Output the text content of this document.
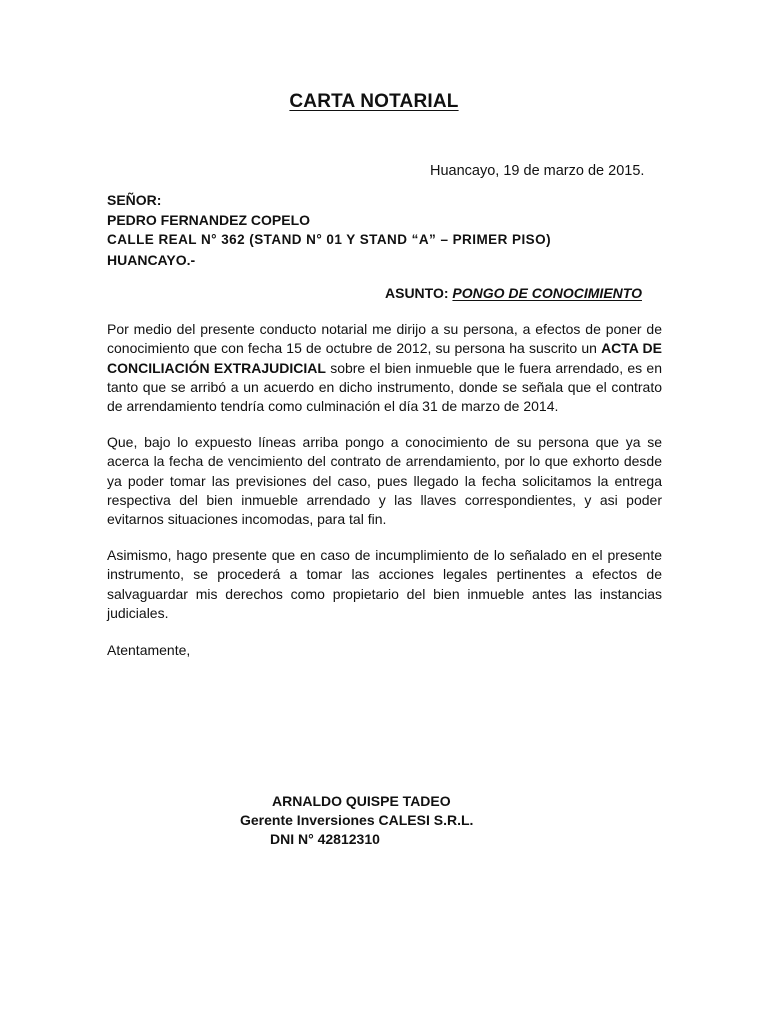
CARTA NOTARIAL
Huancayo, 19 de marzo de 2015.
SEÑOR:
PEDRO FERNANDEZ COPELO
CALLE REAL N° 362 (STAND N° 01 Y STAND “A” – PRIMER PISO)
HUANCAYO.-
ASUNTO: PONGO DE CONOCIMIENTO

Por medio del presente conducto notarial me dirijo a su persona, a efectos de poner de conocimiento que con fecha 15 de octubre de 2012, su persona ha suscrito un ACTA DE CONCILIACIÓN EXTRAJUDICIAL sobre el bien inmueble que le fuera arrendado, es en tanto que se arribó a un acuerdo en dicho instrumento, donde se señala que el contrato de arrendamiento tendría como culminación el día 31 de marzo de 2014.

Que, bajo lo expuesto líneas arriba pongo a conocimiento de su persona que ya se acerca la fecha de vencimiento del contrato de arrendamiento, por lo que exhorto desde ya poder tomar las previsiones del caso, pues llegado la fecha solicitamos la entrega respectiva del bien inmueble arrendado y las llaves correspondientes, y asi poder evitarnos situaciones incomodas, para tal fin.

Asimismo, hago presente que en caso de incumplimiento de lo señalado en el presente instrumento, se procederá a tomar las acciones legales pertinentes a efectos de salvaguardar mis derechos como propietario del bien inmueble antes las instancias judiciales.

Atentamente,
ARNALDO QUISPE TADEO
Gerente Inversiones CALESI S.R.L.
DNI N° 42812310
